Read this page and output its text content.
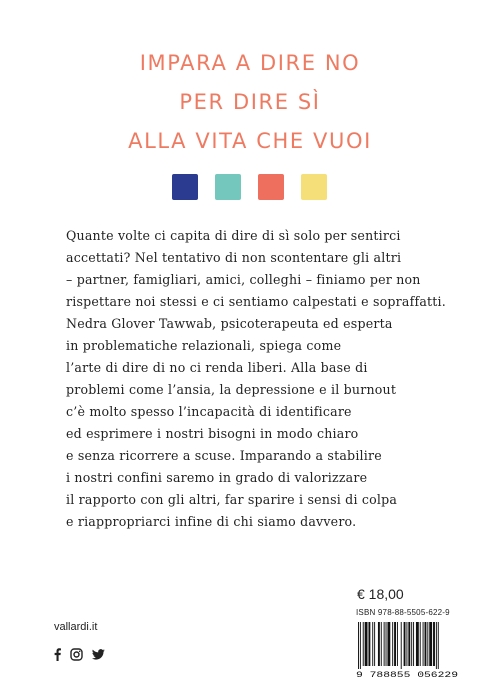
IMPARA A DIRE NO
PER DIRE SÌ
ALLA VITA CHE VUOI
Quante volte ci capita di dire di sì solo per sentirci
accettati? Nel tentativo di non scontentare gli altri
– partner, famigliari, amici, colleghi – finiamo per non
rispettare noi stessi e ci sentiamo calpestati e sopraffatti.
Nedra Glover Tawwab, psicoterapeuta ed esperta
in problematiche relazionali, spiega come
l’arte di dire di no ci renda liberi. Alla base di
problemi come l’ansia, la depressione e il burnout
c’è molto spesso l’incapacità di identificare
ed esprimere i nostri bisogni in modo chiaro
e senza ricorrere a scuse. Imparando a stabilire
i nostri confini saremo in grado di valorizzare
il rapporto con gli altri, far sparire i sensi di colpa
e riappropriarci infine di chi siamo davvero.
€ 18,00
ISBN 978-88-5505-622-9
9 788855 056229
vallardi.it
